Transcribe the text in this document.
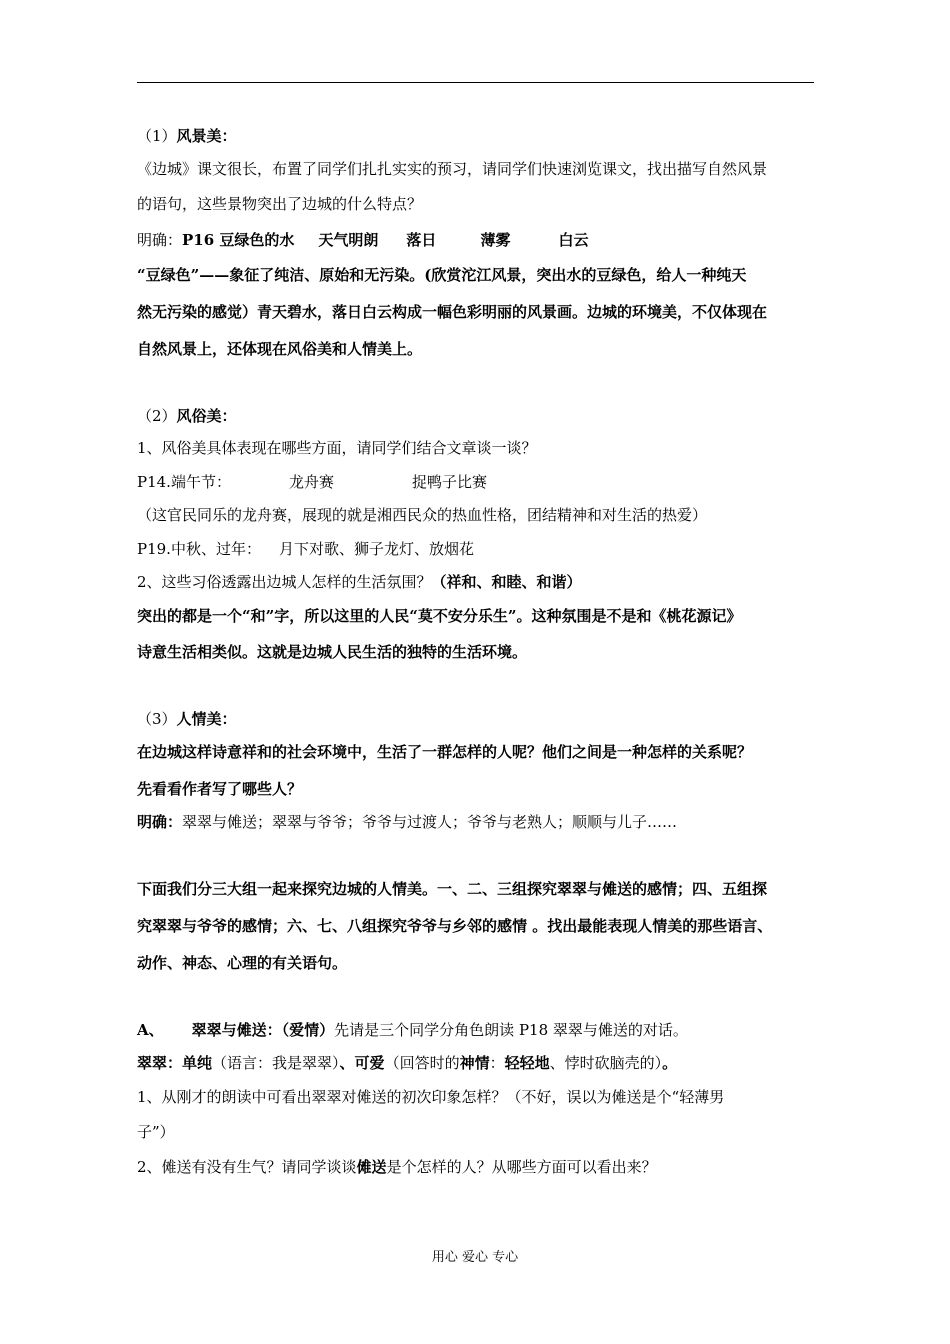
（1）风景美：
《边城》课文很长，布置了同学们扎扎实实的预习，请同学们快速浏览课文，找出描写自然风景
的语句，这些景物突出了边城的什么特点？
明确：P16 豆绿色的水 天气明朗 落日	薄雾	白云
“豆绿色”——象征了纯洁、原始和无污染。(欣赏沱江风景，突出水的豆绿色，给人一种纯天
然无污染的感觉）青天碧水，落日白云构成一幅色彩明丽的风景画。边城的环境美，不仅体现在
自然风景上，还体现在风俗美和人情美上。
（2）风俗美：
1、风俗美具体表现在哪些方面，请同学们结合文章谈一谈？
P14.端午节：	龙舟赛	捉鸭子比赛
（这官民同乐的龙舟赛，展现的就是湘西民众的热血性格，团结精神和对生活的热爱）
P19.中秋、过年： 月下对歌、狮子龙灯、放烟花
2、这些习俗透露出边城人怎样的生活氛围？（祥和、和睦、和谐）
突出的都是一个“和”字，所以这里的人民“莫不安分乐生”。这种氛围是不是和《桃花源记》
诗意生活相类似。这就是边城人民生活的独特的生活环境。
（3）人情美：
在边城这样诗意祥和的社会环境中，生活了一群怎样的人呢？他们之间是一种怎样的关系呢？
先看看作者写了哪些人？
明确：翠翠与傩送；翠翠与爷爷；爷爷与过渡人；爷爷与老熟人；顺顺与儿子……
下面我们分三大组一起来探究边城的人情美。一、二、三组探究翠翠与傩送的感情；四、五组探
究翠翠与爷爷的感情；六、七、八组探究爷爷与乡邻的感情 。找出最能表现人情美的那些语言、
动作、神态、心理的有关语句。
A、 翠翠与傩送：（爱情）先请是三个同学分角色朗读 P18 翠翠与傩送的对话。
翠翠：单纯（语言：我是翠翠）、可爱（回答时的神情：轻轻地、悖时砍脑壳的）。
1、从刚才的朗读中可看出翠翠对傩送的初次印象怎样？（不好，误以为傩送是个“轻薄男
子”）
2、傩送有没有生气？请同学谈谈傩送是个怎样的人？从哪些方面可以看出来？
用心 爱心 专心
